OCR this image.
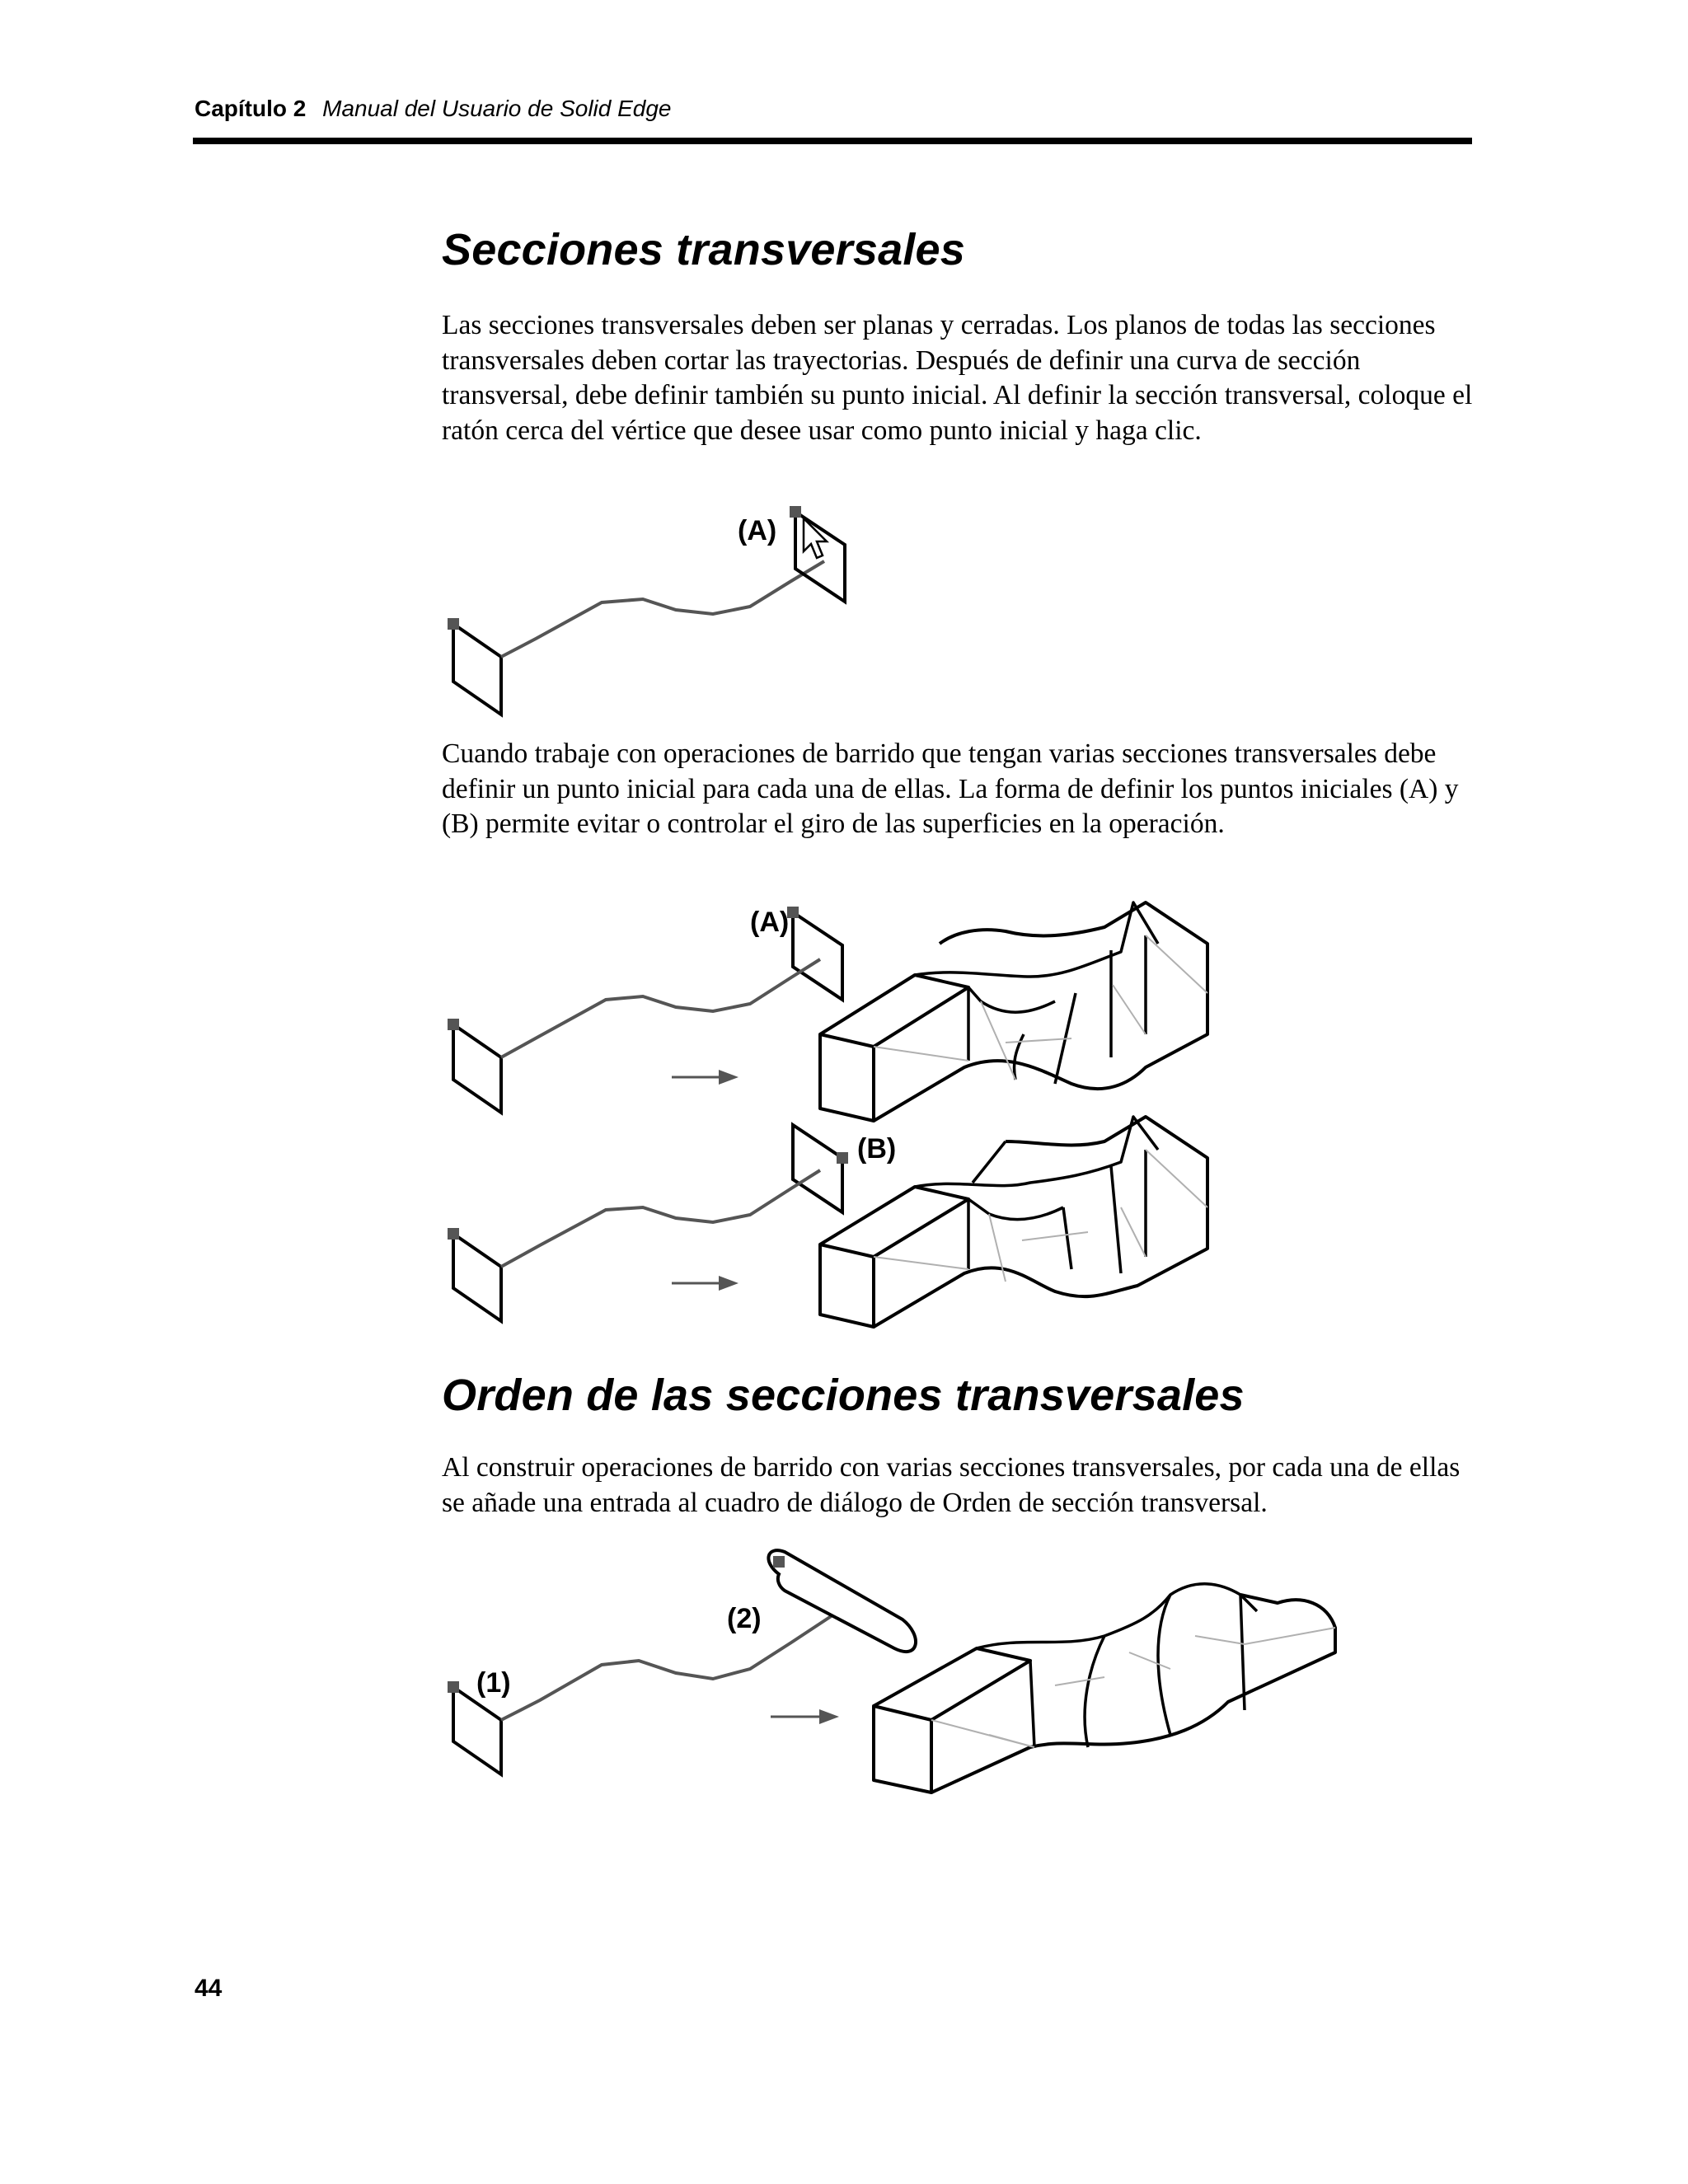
Capítulo 2 Manual del Usuario de Solid Edge
Secciones transversales

Las secciones transversales deben ser planas y cerradas. Los planos de todas las secciones transversales deben cortar las trayectorias. Después de definir una curva de sección transversal, debe definir también su punto inicial. Al definir la sección transversal, coloque el ratón cerca del vértice que desee usar como punto inicial y haga clic.

(A)

Cuando trabaje con operaciones de barrido que tengan varias secciones transversales debe definir un punto inicial para cada una de ellas. La forma de definir los puntos iniciales (A) y (B) permite evitar o controlar el giro de las superficies en la operación.

(A)
(B)
Orden de las secciones transversales

Al construir operaciones de barrido con varias secciones transversales, por cada una de ellas se añade una entrada al cuadro de diálogo de Orden de sección transversal.

(1)
(2)
44
